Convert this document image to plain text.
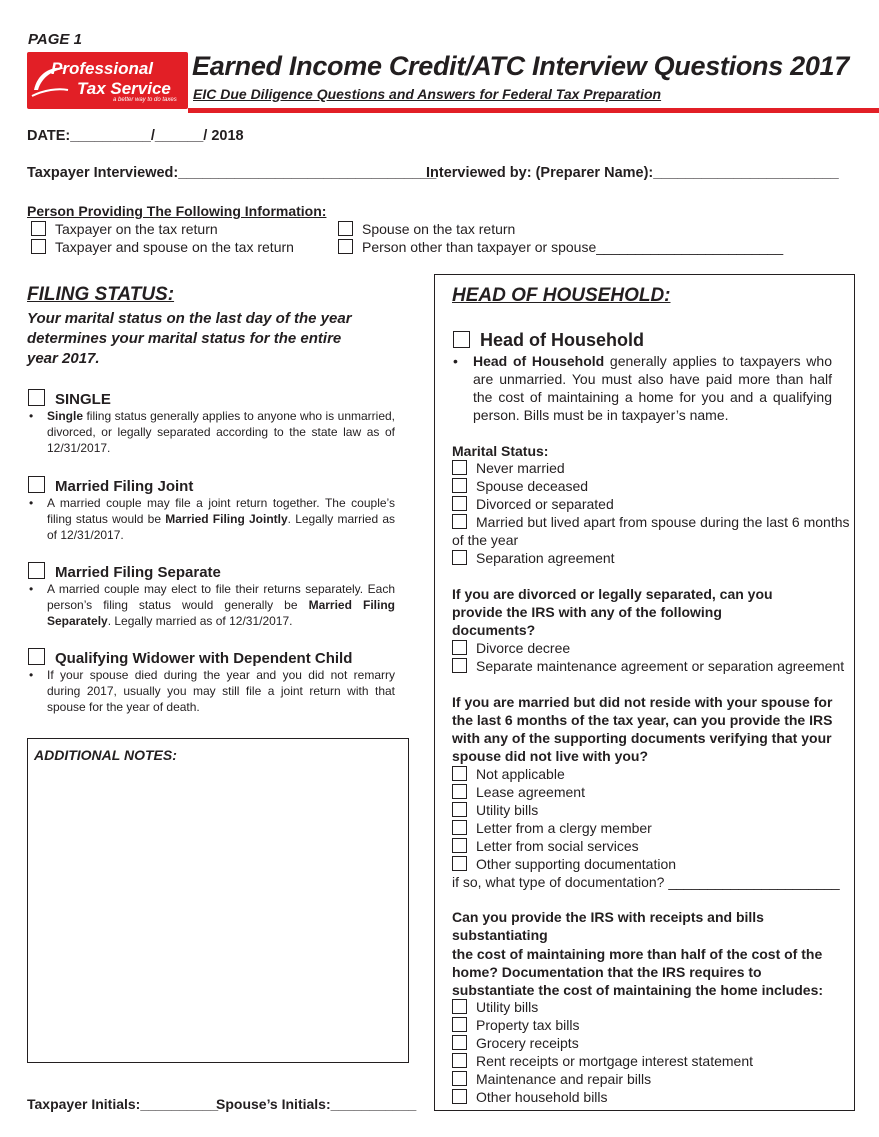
PAGE 1
Professional
Tax Service
a better way to do taxes
Earned Income Credit/ATC Interview Questions 2017
EIC Due Diligence Questions and Answers for Federal Tax Preparation
DATE:__________/______/ 2018
Taxpayer Interviewed:________________________________
Interviewed by: (Preparer Name):_______________________
Person Providing The Following Information:
Taxpayer on the tax return
Taxpayer and spouse on the tax return
Spouse on the tax return
Person other than taxpayer or spouse________________________
FILING STATUS:
Your marital status on the last day of the year determines your marital status for the entire year 2017.
SINGLE
• Single filing status generally applies to anyone who is unmarried, divorced, or legally separated according to the state law as of 12/31/2017.
Married Filing Joint
• A married couple may file a joint return together. The couple’s filing status would be Married Filing Jointly. Legally married as of 12/31/2017.
Married Filing Separate
• A married couple may elect to file their returns separately. Each person’s filing status would generally be Married Filing Separately. Legally married as of 12/31/2017.
Qualifying Widower with Dependent Child
• If your spouse died during the year and you did not remarry during 2017, usually you may still file a joint return with that spouse for the year of death.
ADDITIONAL NOTES:
Taxpayer Initials:__________
Spouse’s Initials:___________
HEAD OF HOUSEHOLD:
Head of Household
• Head of Household generally applies to taxpayers who are unmarried. You must also have paid more than half the cost of maintaining a home for you and a qualifying person. Bills must be in taxpayer’s name.
Marital Status:
Never married
Spouse deceased
Divorced or separated
Married but lived apart from spouse during the last 6 months
of the year
Separation agreement
If you are divorced or legally separated, can you provide the IRS with any of the following documents?
Divorce decree
Separate maintenance agreement or separation agreement
If you are married but did not reside with your spouse for the last 6 months of the tax year, can you provide the IRS with any of the supporting documents verifying that your spouse did not live with you?
Not applicable
Lease agreement
Utility bills
Letter from a clergy member
Letter from social services
Other supporting documentation
if so, what type of documentation? ______________________
Can you provide the IRS with receipts and bills substantiating
the cost of maintaining more than half of the cost of the home? Documentation that the IRS requires to substantiate the cost of maintaining the home includes:
Utility bills
Property tax bills
Grocery receipts
Rent receipts or mortgage interest statement
Maintenance and repair bills
Other household bills
